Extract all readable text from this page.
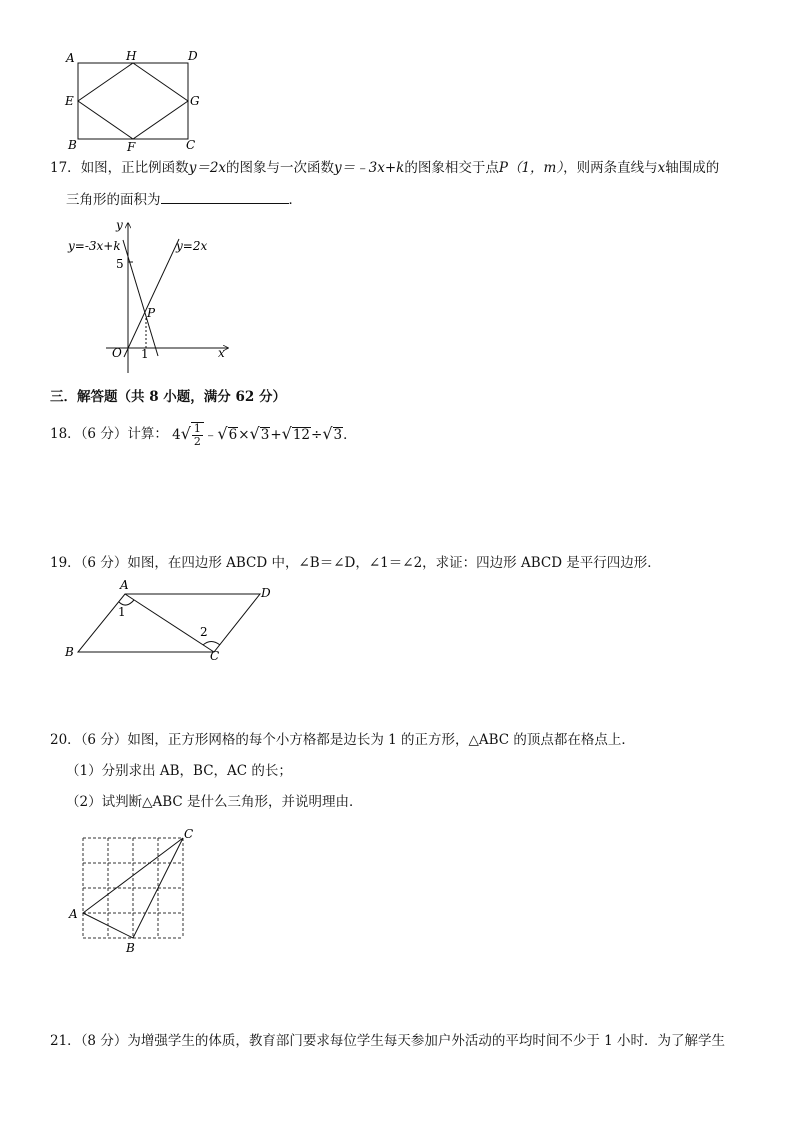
A	H	D
E	G
B	F	C
17．如图，正比例函数y＝2x的图象与一次函数y＝﹣3x+k的图象相交于点P（1，m），则两条直线与x轴围成的
三角形的面积为	．
y
x
O
5
1
y=-3x+k	y=2x
P
三．解答题（共 8 小题，满分 62 分）
18．（6 分）计算： $4√ \frac{1}{2}$ ﹣√6×√3+√12÷√3．
19．（6 分）如图，在四边形 ABCD 中，∠B＝∠D，∠1＝∠2，求证：四边形 ABCD 是平行四边形．
A
D
B	C
1
2
20．（6 分）如图，正方形网格的每个小方格都是边长为 1 的正方形，△ABC 的顶点都在格点上．
（1）分别求出 AB，BC，AC 的长；
（2）试判断△ABC 是什么三角形，并说明理由．
A
B
C
21．（8 分）为增强学生的体质，教育部门要求每位学生每天参加户外活动的平均时间不少于 1 小时．为了解学生
